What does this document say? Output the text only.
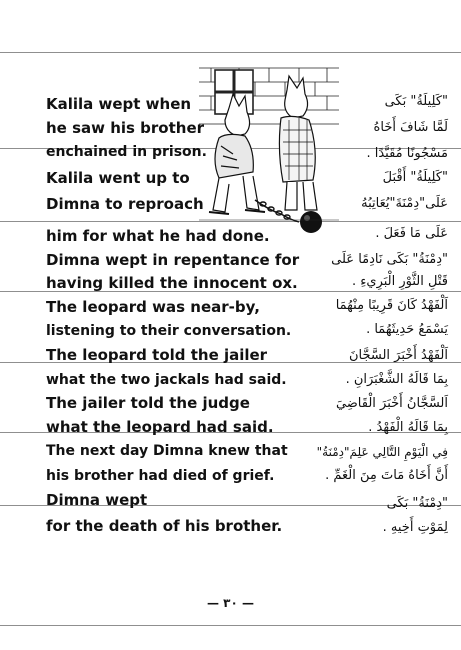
Kalila wept when
he saw his brother
enchained in prison.
Kalila went up to
Dimna to reproach
him for what he had done.
Dimna wept in repentance for
having killed the innocent ox.
The leopard was near-by,
listening to their conversation.
The leopard told the jailer
what the two jackals had said.
The jailer told the judge
what the leopard had said.
The next day Dimna knew that
his brother had died of grief.
Dimna wept
for the death of his brother.
"كَلِيلَةُ" بَكَى
لَمَّا شَافَ أَخَاهُ
مَسْجُونًا مُقَيَّدًا .
"كَلِيلَةُ" أَقْبَلَ
عَلَى"دِمْنَةَ"يُعَاتِبُهُ
عَلَى مَا فَعَلَ .
"دِمْنَةُ" بَكَى نَادِمًا عَلَى
قَتْلِ الثَّوْرِ الْبَرِيءِ .
اَلْفَهْدُ كَانَ قَرِيبًا مِنْهُمَا
يَسْمَعُ حَدِيثَهُمَا .
اَلْفَهْدُ أَخْبَرَ السَّجَّانَ
بِمَا قَالَهُ الشَّغْبَرَانِ .
اَلسَّجَّانُ أَخْبَرَ الْقَاضِيَ
بِمَا قَالَهُ الْفَهْدُ .
فِي الْيَوْمِ التَّالِي عَلِمَ"دِمْنَةُ"
أَنَّ أَخَاهُ مَاتَ مِنَ الْغَمِّ .
"دِمْنَةُ" بَكَى
لِمَوْتِ أَخِيهِ .
— ٣٠ —
